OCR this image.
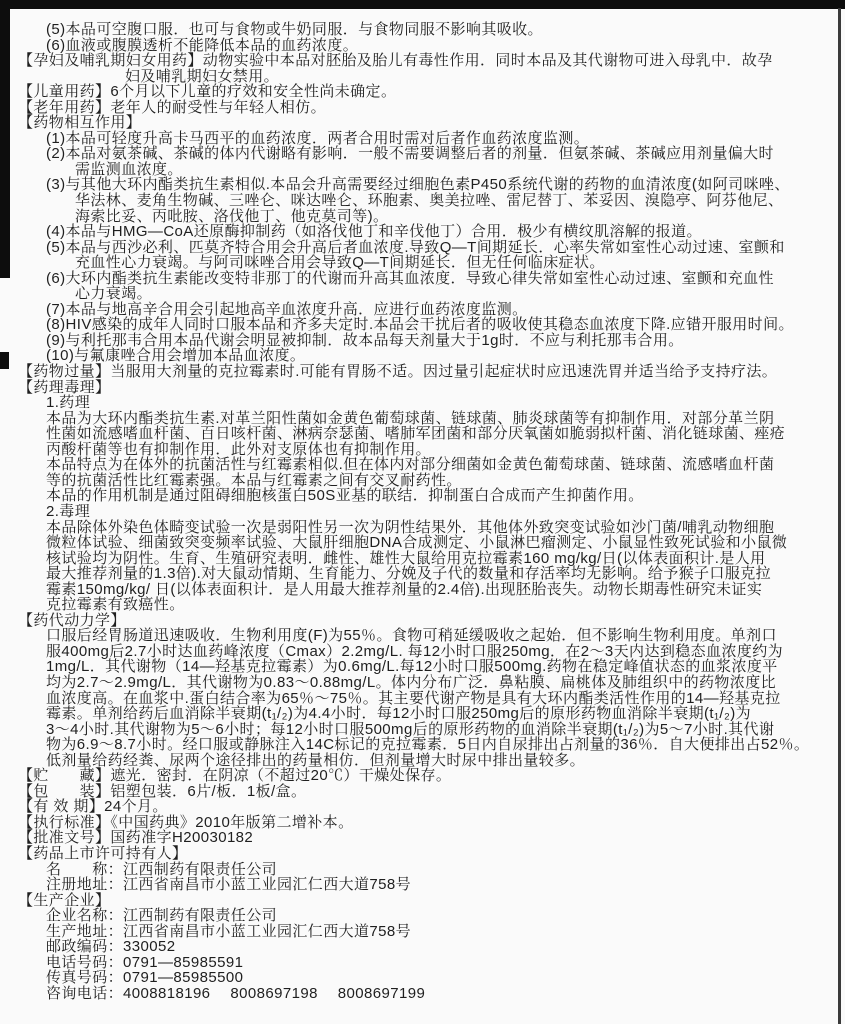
(5)本品可空腹口服．也可与食物或牛奶同服．与食物同服不影响其吸收。
(6)血液或腹膜透析不能降低本品的血药浓度。
【孕妇及哺乳期妇女用药】动物实验中本品对胚胎及胎儿有毒性作用．同时本品及其代谢物可进入母乳中．故孕
妇及哺乳期妇女禁用。
【儿童用药】6个月以下儿童的疗效和安全性尚未确定。
【老年用药】老年人的耐受性与年轻人相仿。
【药物相互作用】
(1)本品可轻度升高卡马西平的血药浓度．两者合用时需对后者作血药浓度监测。
(2)本品对氨茶碱、茶碱的体内代谢略有影响．一般不需要调整后者的剂量．但氨茶碱、茶碱应用剂量偏大时
需监测血浓度。
(3)与其他大环内酯类抗生素相似.本品会升高需要经过细胞色素P450系统代谢的药物的血清浓度(如阿司咪唑、
华法林、麦角生物碱、三唑仑、咪达唑仑、环胞素、奥美拉唑、雷尼替丁、苯妥因、溴隐亭、阿芬他尼、
海索比妥、丙吡胺、洛伐他丁、他克莫司等)。
(4)本品与HMG—CoA还原酶抑制药（如洛伐他丁和辛伐他丁）合用．极少有横纹肌溶解的报道。
(5)本品与西沙必利、匹莫齐特合用会升高后者血浓度.导致Q—T间期延长．心率失常如室性心动过速、室颤和
充血性心力衰竭。与阿司咪唑合用会导致Q—T间期延长．但无任何临床症状。
(6)大环内酯类抗生素能改变特非那丁的代谢而升高其血浓度．导致心律失常如室性心动过速、室颤和充血性
心力衰竭。
(7)本品与地高辛合用会引起地高辛血浓度升高．应进行血药浓度监测。
(8)HIV感染的成年人同时口服本品和齐多夫定时.本品会干扰后者的吸收使其稳态血浓度下降.应错开服用时间。
(9)与利托那韦合用本品代谢会明显被抑制．故本品每天剂量大于1g时．不应与利托那韦合用。
(10)与氟康唑合用会增加本品血浓度。
【药物过量】当服用大剂量的克拉霉素时.可能有胃肠不适。因过量引起症状时应迅速洗胃并适当给予支持疗法。
【药理毒理】
1.药理
本品为大环内酯类抗生素.对革兰阳性菌如金黄色葡萄球菌、链球菌、肺炎球菌等有抑制作用．对部分革兰阴
性菌如流感嗜血杆菌、百日咳杆菌、淋病奈瑟菌、嗜肺军团菌和部分厌氧菌如脆弱拟杆菌、消化链球菌、痤疮
丙酸杆菌等也有抑制作用．此外对支原体也有抑制作用。
本品特点为在体外的抗菌活性与红霉素相似.但在体内对部分细菌如金黄色葡萄球菌、链球菌、流感嗜血杆菌
等的抗菌活性比红霉素强。本品与红霉素之间有交叉耐药性。
本品的作用机制是通过阻碍细胞核蛋白50S亚基的联结．抑制蛋白合成而产生抑菌作用。
2.毒理
本品除体外染色体畸变试验一次是弱阳性另一次为阴性结果外．其他体外致突变试验如沙门菌/哺乳动物细胞
微粒体试验、细菌致突变频率试验、大鼠肝细胞DNA合成测定、小鼠淋巴瘤测定、小鼠显性致死试验和小鼠微
核试验均为阴性。生育、生殖研究表明．雌性、雄性大鼠给用克拉霉素160 mg/kg/日(以体表面积计.是人用
最大推荐剂量的1.3倍).对大鼠动情期、生育能力、分娩及子代的数量和存活率均无影响。给予猴子口服克拉
霉素150mg/kg/ 日(以体表面积计．是人用最大推荐剂量的2.4倍).出现胚胎丧失。动物长期毒性研究未证实
克拉霉素有致癌性。
【药代动力学】
口服后经胃肠道迅速吸收．生物利用度(F)为55％。食物可稍延缓吸收之起始．但不影响生物利用度。单剂口
服400mg后2.7小时达血药峰浓度（Cmax）2.2mg/L. 每12小时口服250mg．在2～3天内达到稳态血浓度约为
1mg/L．其代谢物（14—羟基克拉霉素）为0.6mg/L.每12小时口服500mg.药物在稳定峰值状态的血浆浓度平
均为2.7～2.9mg/L．其代谢物为0.83～0.88mg/L。体内分布广泛．鼻粘膜、扁桃体及肺组织中的药物浓度比
血浓度高。在血浆中.蛋白结合率为65％～75％。其主要代谢产物是具有大环内酯类活性作用的14—羟基克拉
霉素。单剂给药后血消除半衰期(t₁/₂)为4.4小时．每12小时口服250mg后的原形药物血消除半衰期(t₁/₂)为
3～4小时.其代谢物为5～6小时；每12小时口服500mg后的原形药物的血消除半衰期(t₁/₂)为5～7小时.其代谢
物为6.9～8.7小时。经口服或静脉注入14C标记的克拉霉素．5日内自尿排出占剂量的36％．自大便排出占52％。
低剂量给药经粪、尿两个途径排出的药量相仿．但剂量增大时尿中排出量较多。
【贮　　藏】遮光．密封．在阴凉（不超过20℃）干燥处保存。
【包　　装】铝塑包装．6片/板．1板/盒。
【有 效 期】24个月。
【执行标准】《中国药典》2010年版第二增补本。
【批准文号】国药准字H20030182
【药品上市许可持有人】
名　　称：江西制药有限责任公司
注册地址：江西省南昌市小蓝工业园汇仁西大道758号
【生产企业】
企业名称：江西制药有限责任公司
生产地址：江西省南昌市小蓝工业园汇仁西大道758号
邮政编码：330052
电话号码：0791—85985591
传真号码：0791—85985500
咨询电话：4008818196　 8008697198　 8008697199
